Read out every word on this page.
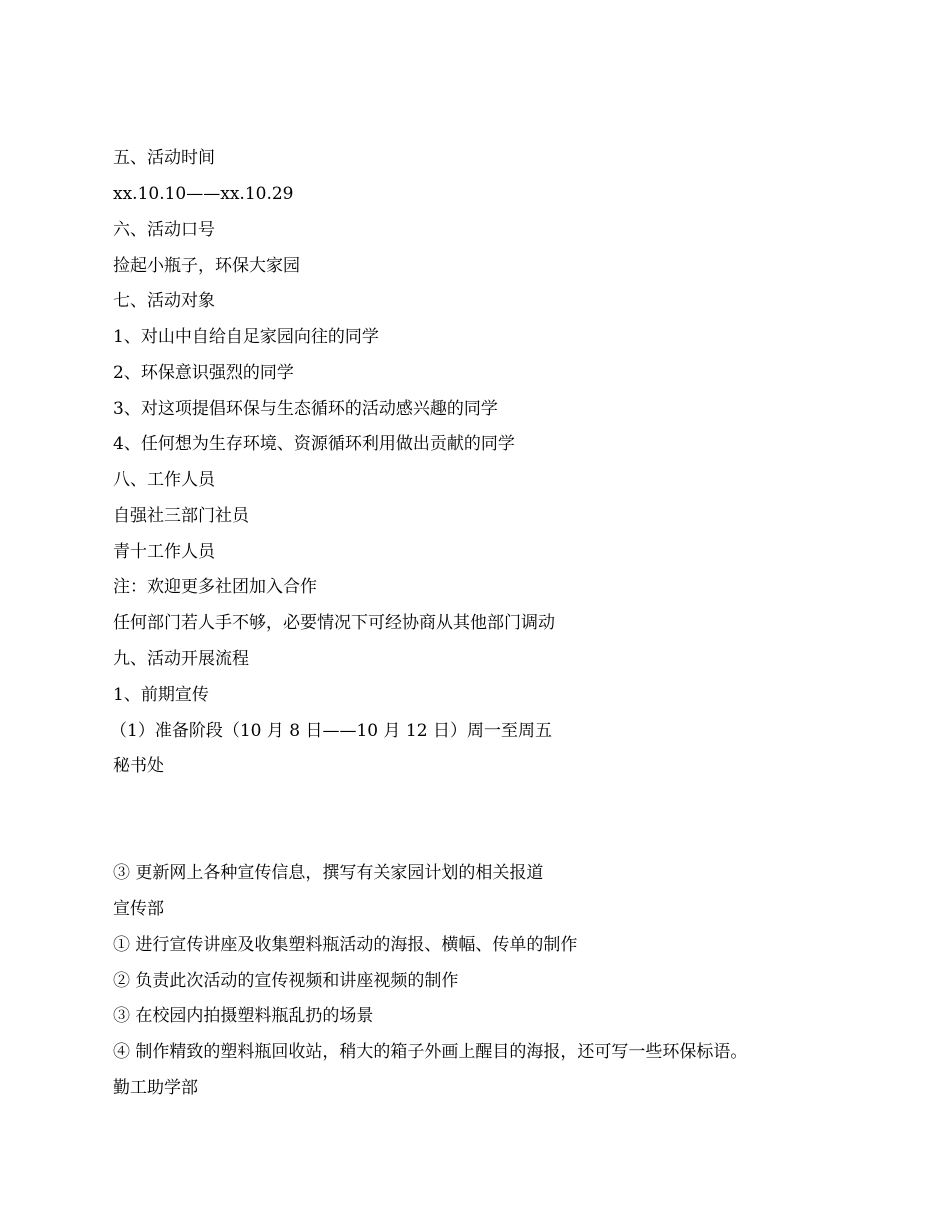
五、活动时间
xx.10.10——xx.10.29
六、活动口号
捡起小瓶子，环保大家园
七、活动对象
1、对山中自给自足家园向往的同学
2、环保意识强烈的同学
3、对这项提倡环保与生态循环的活动感兴趣的同学
4、任何想为生存环境、资源循环利用做出贡献的同学
八、工作人员
自强社三部门社员
青十工作人员
注：欢迎更多社团加入合作
任何部门若人手不够，必要情况下可经协商从其他部门调动
九、活动开展流程
1、前期宣传
（1）准备阶段（10 月 8 日——10 月 12 日）周一至周五
秘书处
③ 更新网上各种宣传信息，撰写有关家园计划的相关报道
宣传部
① 进行宣传讲座及收集塑料瓶活动的海报、横幅、传单的制作
② 负责此次活动的宣传视频和讲座视频的制作
③ 在校园内拍摄塑料瓶乱扔的场景
④ 制作精致的塑料瓶回收站，稍大的箱子外画上醒目的海报，还可写一些环保标语。
勤工助学部
